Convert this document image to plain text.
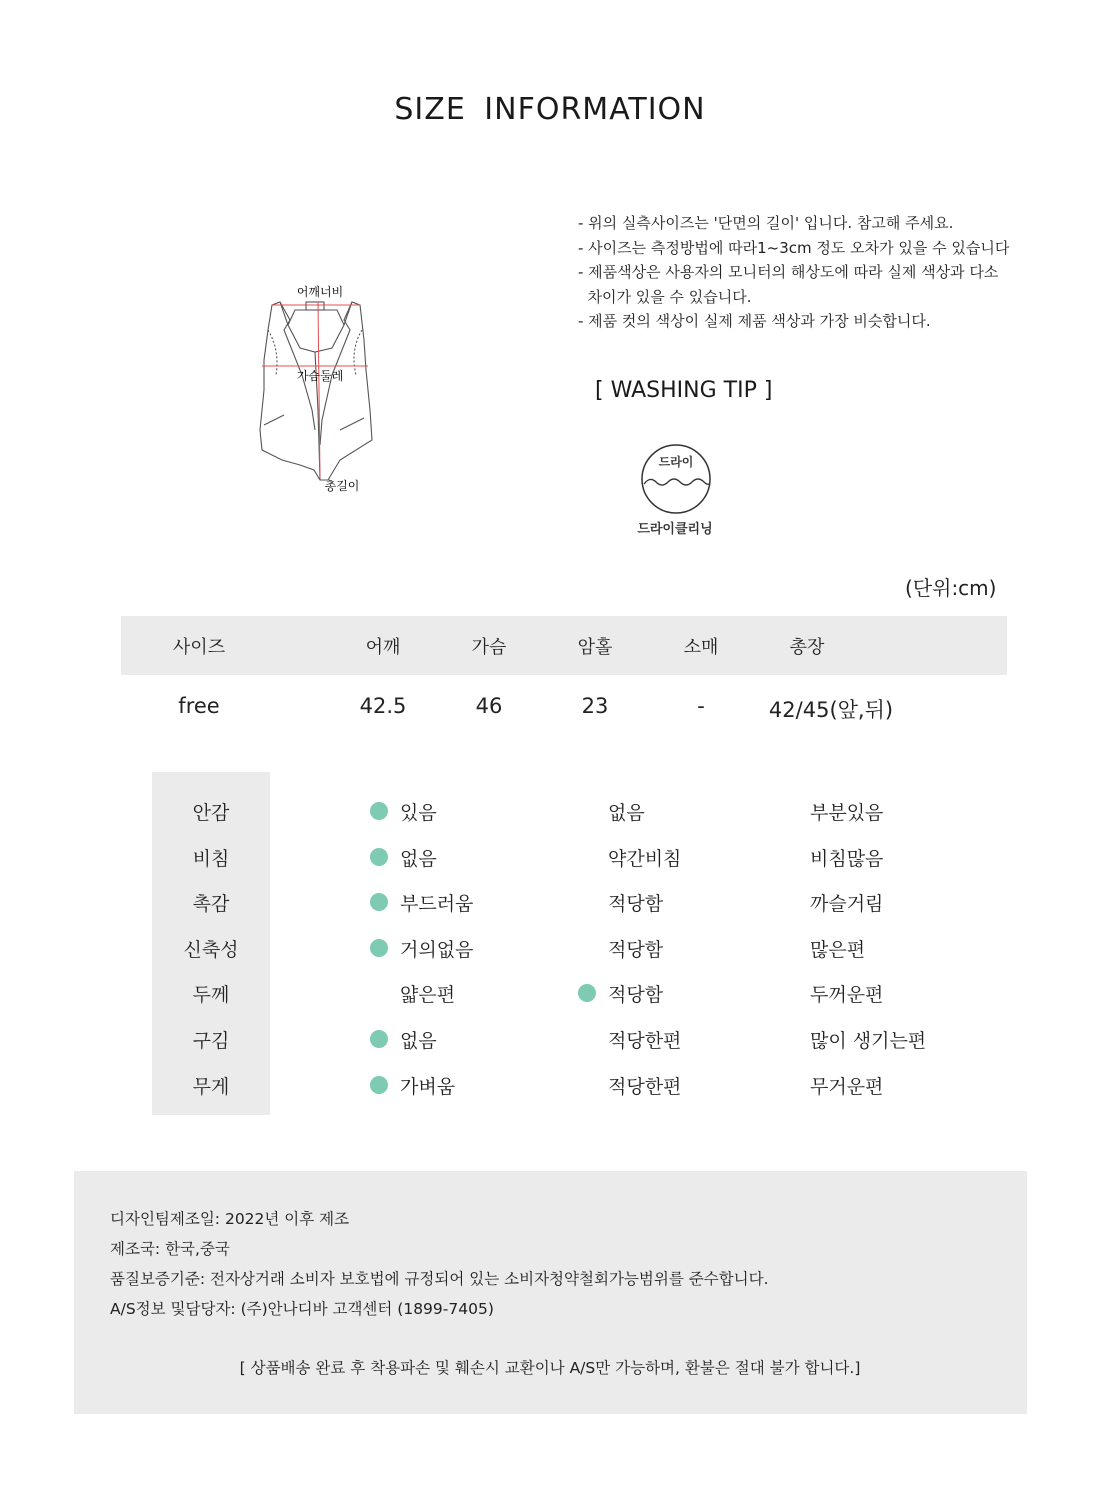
SIZE INFORMATION
어깨너비
가슴둘레
총길이
- 위의 실측사이즈는 '단면의 길이' 입니다. 참고해 주세요.
- 사이즈는 측정방법에 따라1~3cm 정도 오차가 있을 수 있습니다
- 제품색상은 사용자의 모니터의 해상도에 따라 실제 색상과 다소
차이가 있을 수 있습니다.
- 제품 컷의 색상이 실제 제품 색상과 가장 비슷합니다.
[ WASHING TIP ]
드라이
드라이클리닝
(단위:cm)
사이즈	어깨	가슴	암홀	소매	총장
free	42.5	46	23	-	42/45(앞,뒤)
안감	있음	없음	부분있음
비침	없음	약간비침	비침많음
촉감	부드러움	적당함	까슬거림
신축성	거의없음	적당함	많은편
두께	얇은편	적당함	두꺼운편
구김	없음	적당한편	많이 생기는편
무게	가벼움	적당한편	무거운편
디자인팀제조일: 2022년 이후 제조
제조국: 한국,중국
품질보증기준: 전자상거래 소비자 보호법에 규정되어 있는 소비자청약철회가능범위를 준수합니다.
A/S정보 및담당자: (주)안나디바 고객센터 (1899-7405)
[ 상품배송 완료 후 착용파손 및 훼손시 교환이나 A/S만 가능하며, 환불은 절대 불가 합니다.]
